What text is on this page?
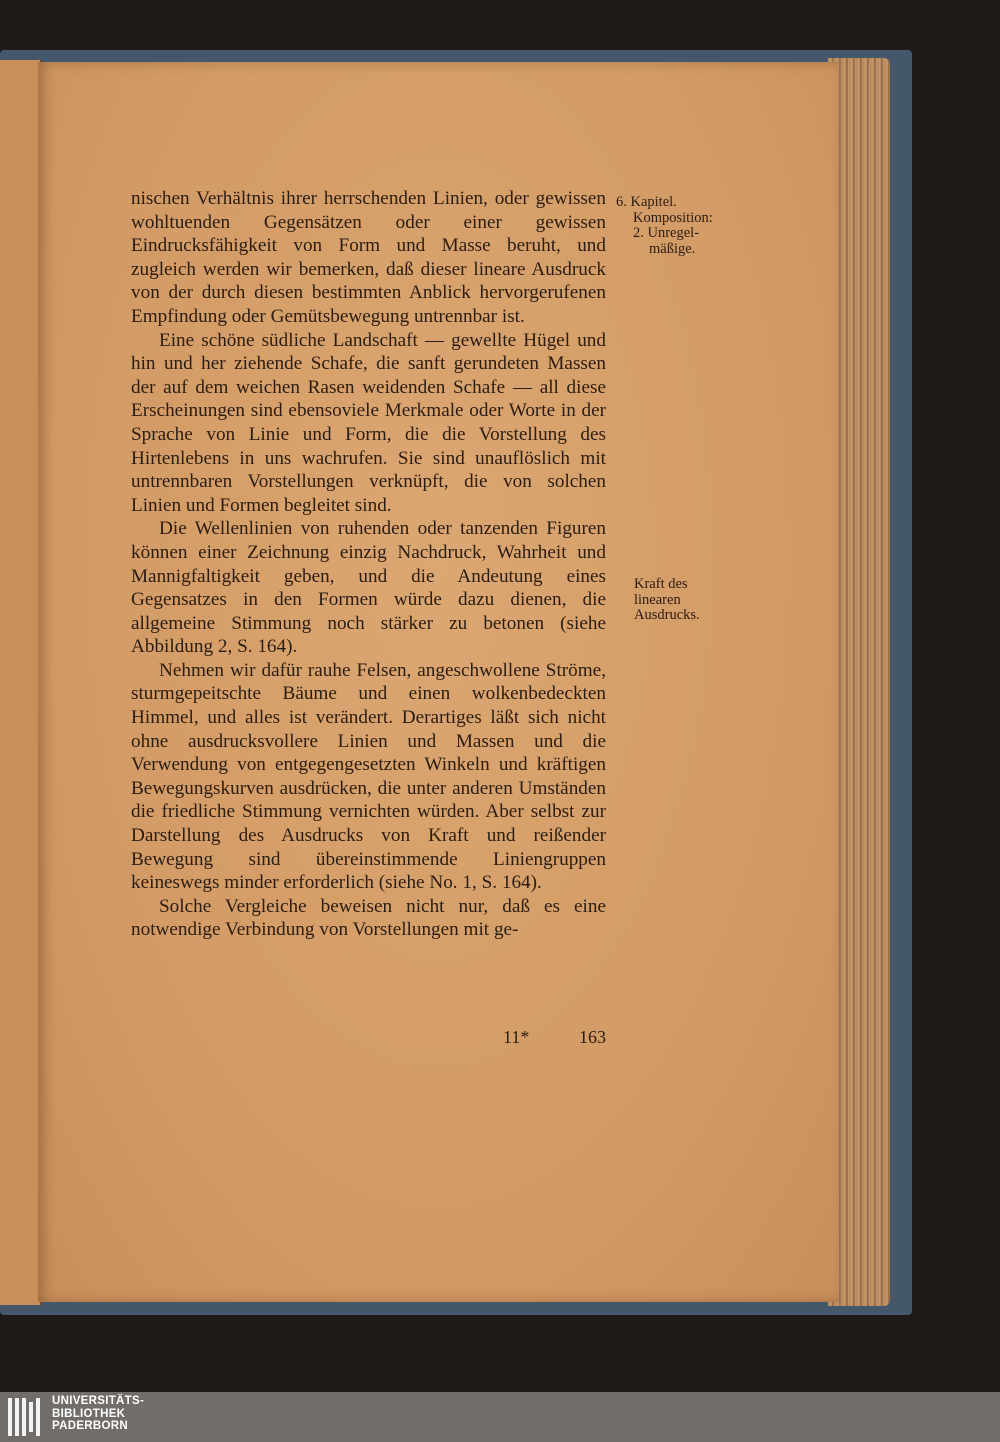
nischen Verhältnis ihrer herrschenden Linien, oder gewissen wohltuenden Gegensätzen oder einer gewissen Eindrucksfähigkeit von Form und Masse beruht, und zugleich werden wir bemerken, daß dieser lineare Ausdruck von der durch diesen bestimmten Anblick hervorgerufenen Empfindung oder Gemütsbewegung untrennbar ist.

Eine schöne südliche Landschaft — gewellte Hügel und hin und her ziehende Schafe, die sanft gerundeten Massen der auf dem weichen Rasen weidenden Schafe — all diese Erscheinungen sind ebensoviele Merkmale oder Worte in der Sprache von Linie und Form, die die Vorstellung des Hirtenlebens in uns wachrufen. Sie sind unauflöslich mit untrennbaren Vorstellungen verknüpft, die von solchen Linien und Formen begleitet sind.

Die Wellenlinien von ruhenden oder tanzenden Figuren können einer Zeichnung einzig Nachdruck, Wahrheit und Mannigfaltigkeit geben, und die Andeutung eines Gegensatzes in den Formen würde dazu dienen, die allgemeine Stimmung noch stärker zu betonen (siehe Abbildung 2, S. 164).

Nehmen wir dafür rauhe Felsen, angeschwollene Ströme, sturmgepeitschte Bäume und einen wolkenbedeckten Himmel, und alles ist verändert. Derartiges läßt sich nicht ohne ausdrucksvollere Linien und Massen und die Verwendung von entgegengesetzten Winkeln und kräftigen Bewegungskurven ausdrücken, die unter anderen Umständen die friedliche Stimmung vernichten würden. Aber selbst zur Darstellung des Ausdrucks von Kraft und reißender Bewegung sind übereinstimmende Liniengruppen keineswegs minder erforderlich (siehe No. 1, S. 164).

Solche Vergleiche beweisen nicht nur, daß es eine notwendige Verbindung von Vorstellungen mit ge-

6. Kapitel.
Komposition:
2. Unregel-
mäßige.
Kraft des
linearen
Ausdrucks.
11*	163
UNIVERSITÄTS-
BIBLIOTHEK
PADERBORN
